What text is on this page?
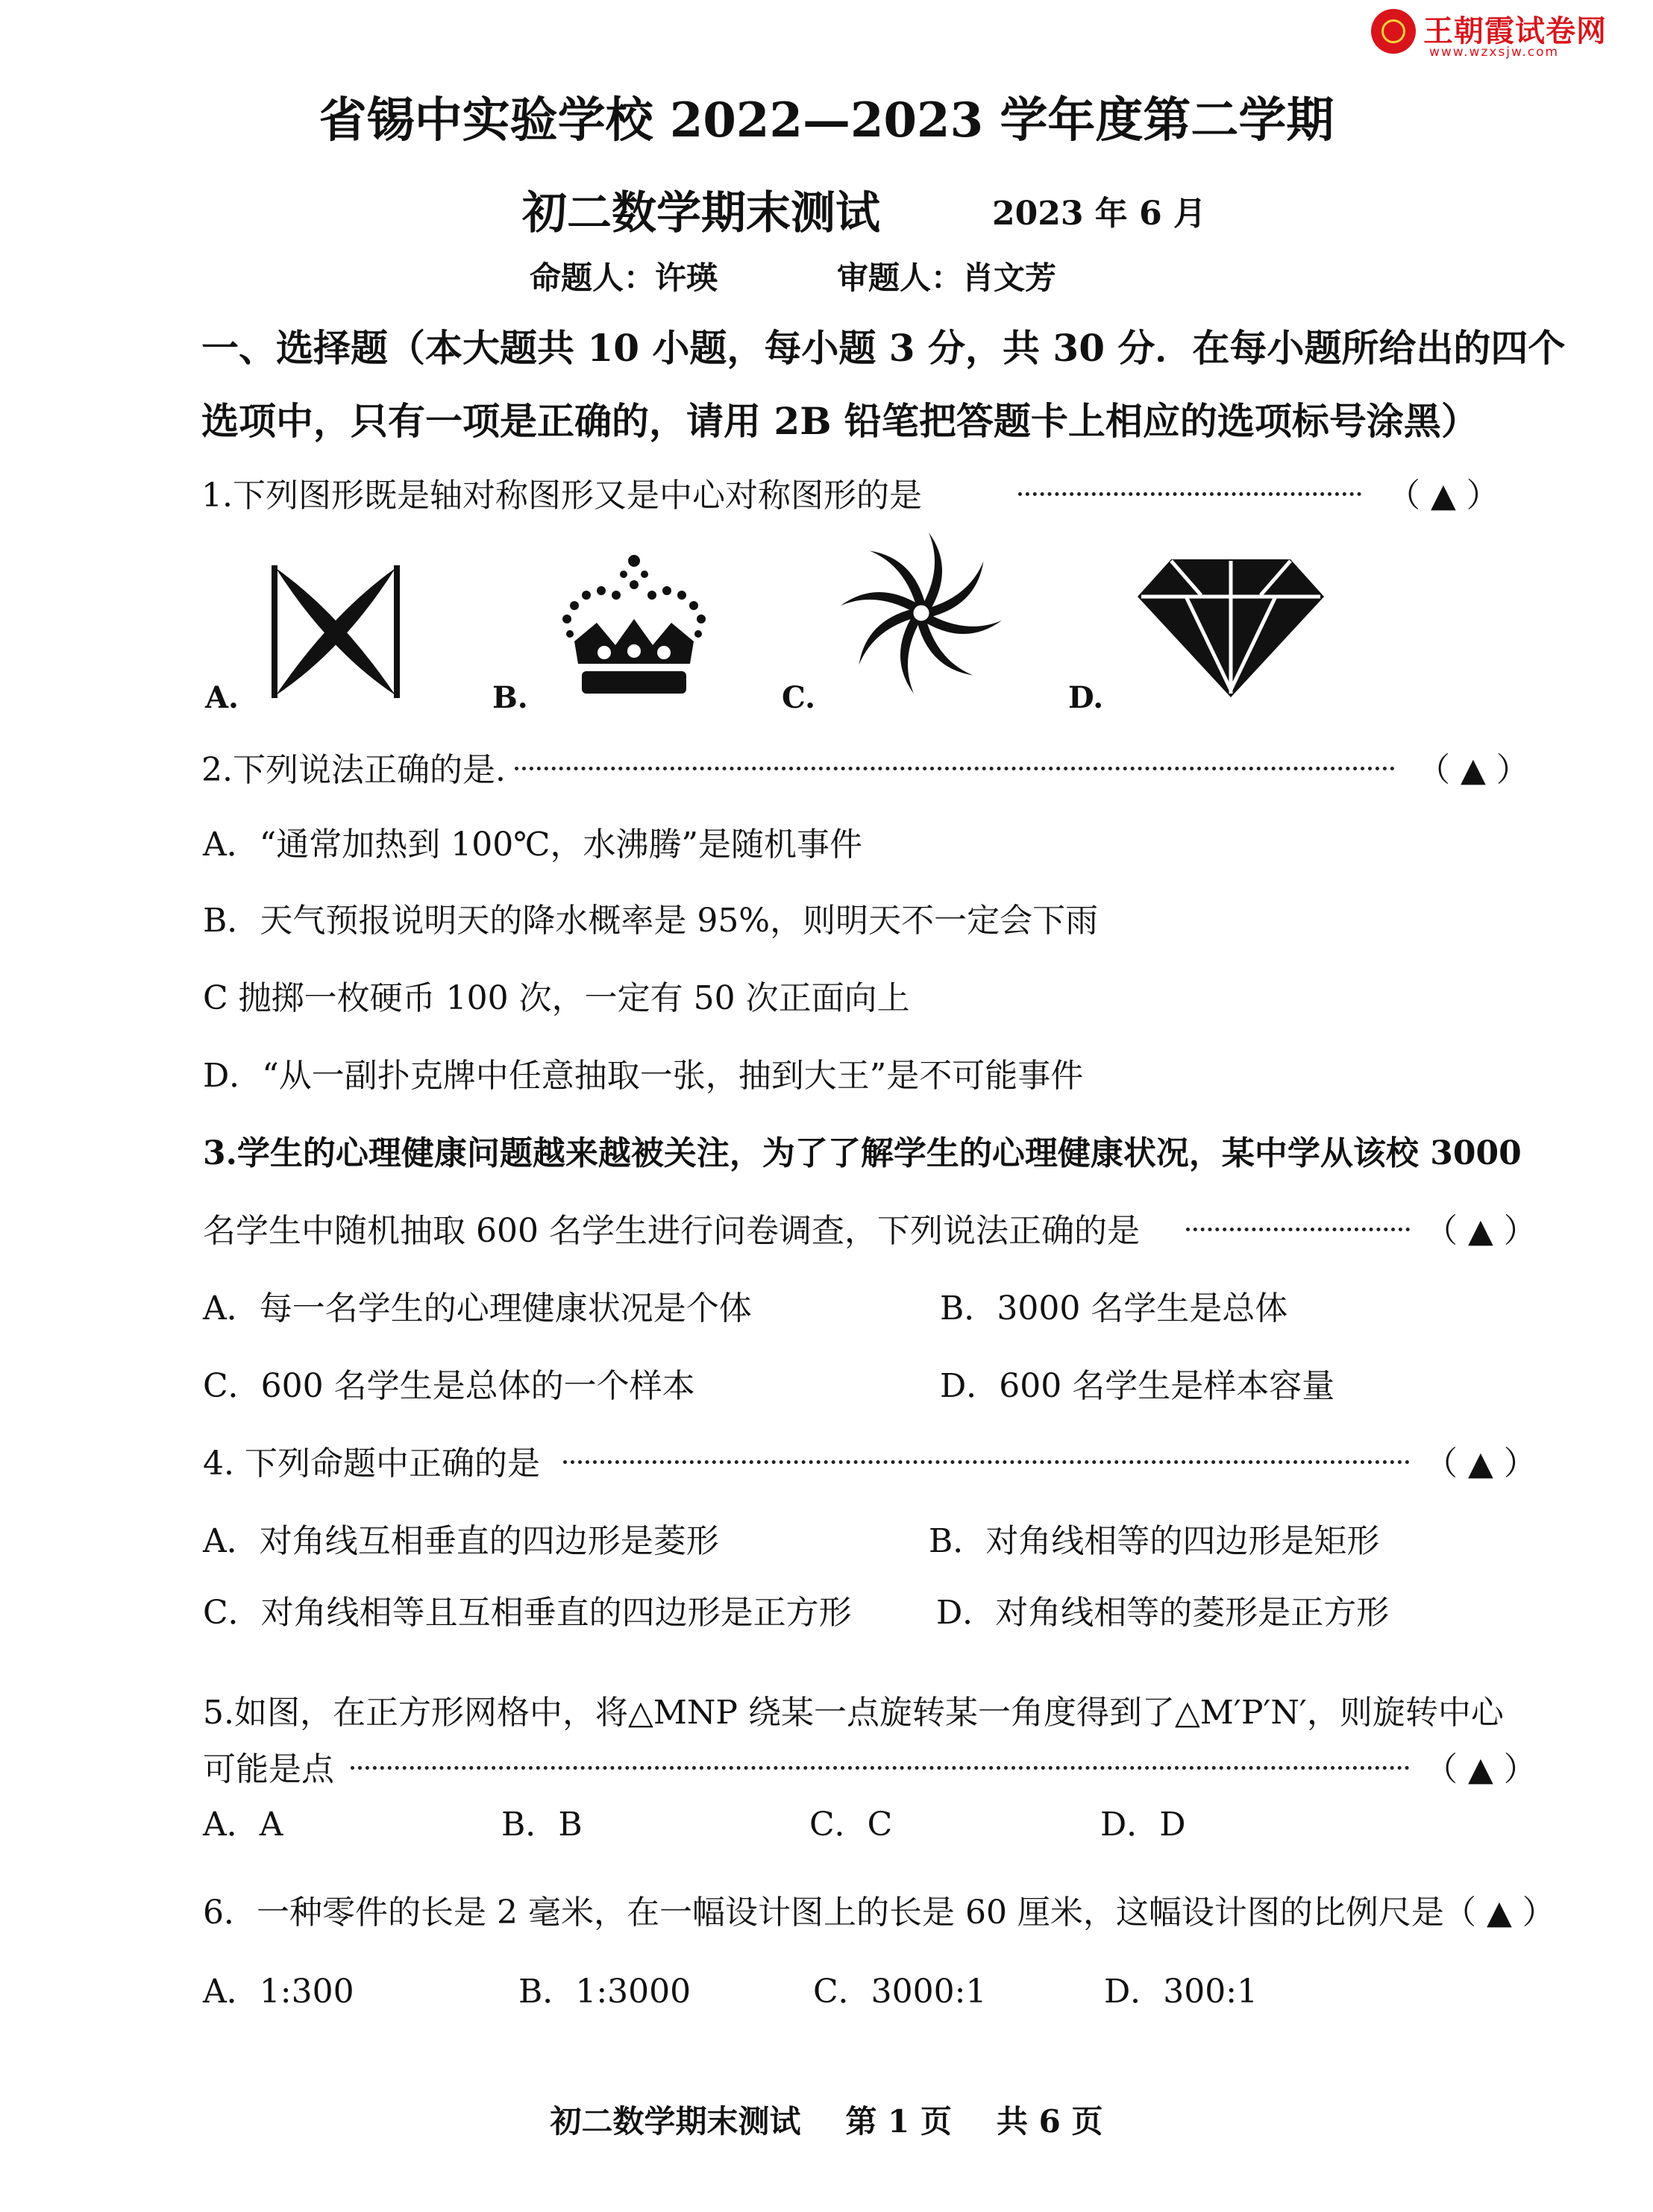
王朝霞试卷网
www.wzxsjw.com
省锡中实验学校 2022—2023 学年度第二学期
初二数学期末测试	2023 年 6 月
命题人：许瑛	审题人：肖文芳
一、选择题（本大题共 10 小题，每小题 3 分，共 30 分．在每小题所给出的四个选项中，只有一项是正确的，请用 2B 铅笔把答题卡上相应的选项标号涂黑）
1.下列图形既是轴对称图形又是中心对称图形的是	（ ▲ ）
A.	B.	C.	D.
2.下列说法正确的是.	（ ▲ ）
A．“通常加热到 100℃，水沸腾”是随机事件
B．天气预报说明天的降水概率是 95%，则明天不一定会下雨
C 抛掷一枚硬币 100 次，一定有 50 次正面向上
D．“从一副扑克牌中任意抽取一张，抽到大王”是不可能事件
3.学生的心理健康问题越来越被关注，为了了解学生的心理健康状况，某中学从该校 3000
名学生中随机抽取 600 名学生进行问卷调查，下列说法正确的是	（ ▲ ）
A．每一名学生的心理健康状况是个体	B．3000 名学生是总体
C．600 名学生是总体的一个样本	D．600 名学生是样本容量
4. 下列命题中正确的是	（ ▲ ）
A．对角线互相垂直的四边形是菱形	B．对角线相等的四边形是矩形
C．对角线相等且互相垂直的四边形是正方形	D．对角线相等的菱形是正方形
5.如图，在正方形网格中，将△MNP 绕某一点旋转某一角度得到了△M′P′N′，则旋转中心
可能是点	（ ▲ ）
A．A	B．B	C．C	D．D
6．一种零件的长是 2 毫米，在一幅设计图上的长是 60 厘米，这幅设计图的比例尺是 （ ▲ ）
A．1:300	B．1:3000	C．3000:1	D．300:1
初二数学期末测试 第 1 页 共 6 页
